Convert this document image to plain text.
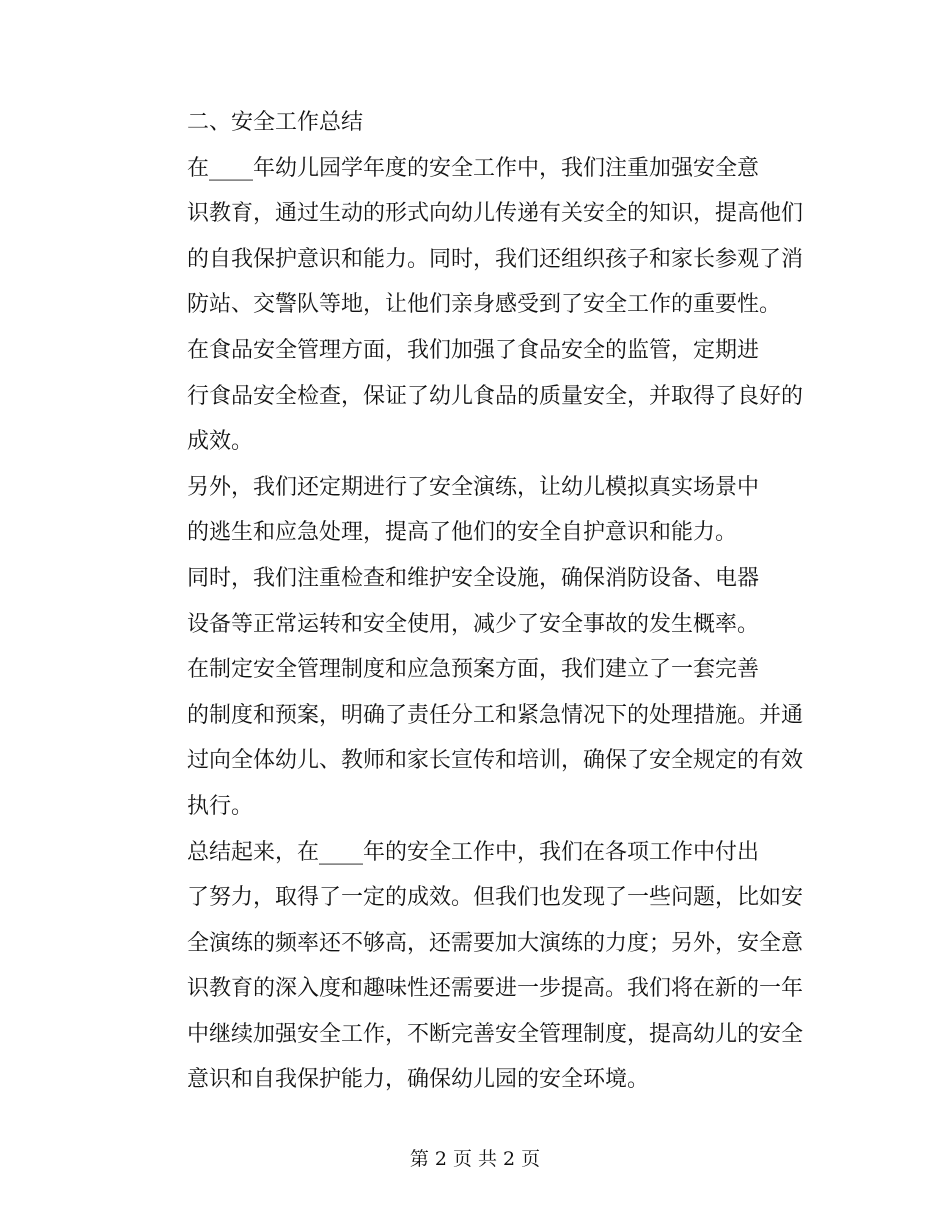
二、安全工作总结

在____年幼儿园学年度的安全工作中，我们注重加强安全意
识教育，通过生动的形式向幼儿传递有关安全的知识，提高他们
的自我保护意识和能力。同时，我们还组织孩子和家长参观了消
防站、交警队等地，让他们亲身感受到了安全工作的重要性。

在食品安全管理方面，我们加强了食品安全的监管，定期进
行食品安全检查，保证了幼儿食品的质量安全，并取得了良好的
成效。

另外，我们还定期进行了安全演练，让幼儿模拟真实场景中
的逃生和应急处理，提高了他们的安全自护意识和能力。

同时，我们注重检查和维护安全设施，确保消防设备、电器
设备等正常运转和安全使用，减少了安全事故的发生概率。

在制定安全管理制度和应急预案方面，我们建立了一套完善
的制度和预案，明确了责任分工和紧急情况下的处理措施。并通
过向全体幼儿、教师和家长宣传和培训，确保了安全规定的有效
执行。

总结起来，在____年的安全工作中，我们在各项工作中付出
了努力，取得了一定的成效。但我们也发现了一些问题，比如安
全演练的频率还不够高，还需要加大演练的力度；另外，安全意
识教育的深入度和趣味性还需要进一步提高。我们将在新的一年
中继续加强安全工作，不断完善安全管理制度，提高幼儿的安全
意识和自我保护能力，确保幼儿园的安全环境。

第 2 页 共 2 页
